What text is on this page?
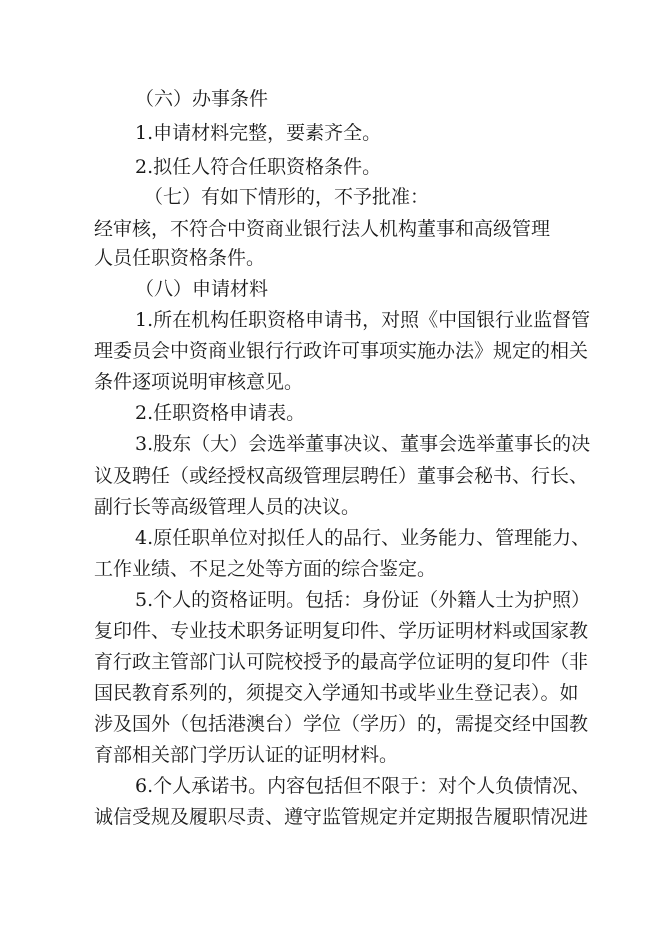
（六）办事条件
1.申请材料完整，要素齐全。
2.拟任人符合任职资格条件。
（七）有如下情形的，不予批准：
经审核，不符合中资商业银行法人机构董事和高级管理
人员任职资格条件。
（八）申请材料
1.所在机构任职资格申请书，对照《中国银行业监督管
理委员会中资商业银行行政许可事项实施办法》规定的相关
条件逐项说明审核意见。
2.任职资格申请表。
3.股东（大）会选举董事决议、董事会选举董事长的决
议及聘任（或经授权高级管理层聘任）董事会秘书、行长、
副行长等高级管理人员的决议。
4.原任职单位对拟任人的品行、业务能力、管理能力、
工作业绩、不足之处等方面的综合鉴定。
5.个人的资格证明。包括：身份证（外籍人士为护照）
复印件、专业技术职务证明复印件、学历证明材料或国家教
育行政主管部门认可院校授予的最高学位证明的复印件（非
国民教育系列的，须提交入学通知书或毕业生登记表）。如
涉及国外（包括港澳台）学位（学历）的，需提交经中国教
育部相关部门学历认证的证明材料。
6.个人承诺书。内容包括但不限于：对个人负债情况、
诚信受规及履职尽责、遵守监管规定并定期报告履职情况进
